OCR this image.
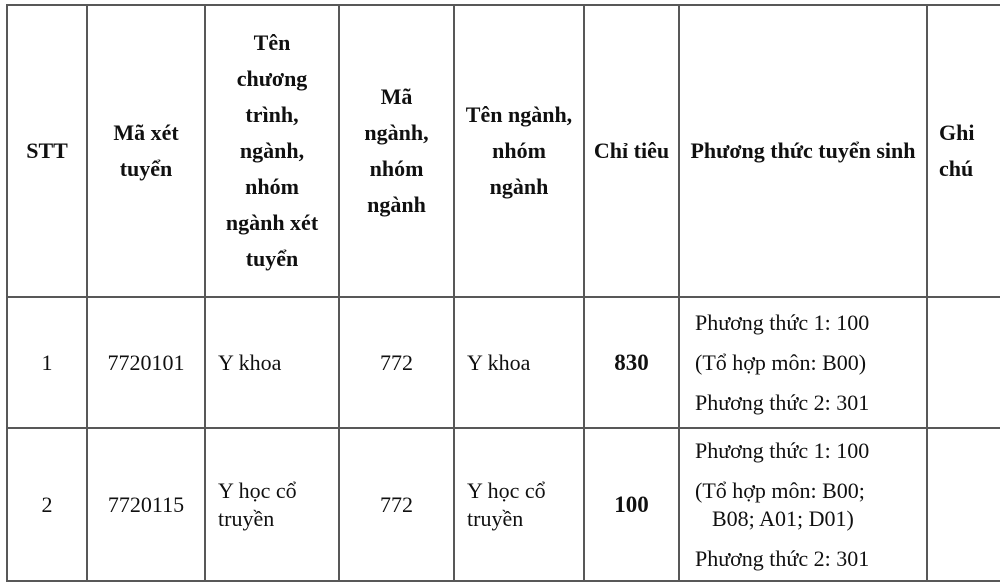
STT	Mã xét tuyển	Tên chương trình, ngành, nhóm ngành xét tuyển	Mã ngành, nhóm ngành	Tên ngành, nhóm ngành	Chỉ tiêu	Phương thức tuyển sinh	Ghi chú
1	7720101	Y khoa	772	Y khoa	830	Phương thức 1: 100
(Tổ hợp môn: B00)
Phương thức 2: 301	

2	7720115	Y học cổ truyền	772	Y học cổ truyền	100	Phương thức 1: 100
(Tổ hợp môn: B00;
B08; A01; D01)
Phương thức 2: 301	
